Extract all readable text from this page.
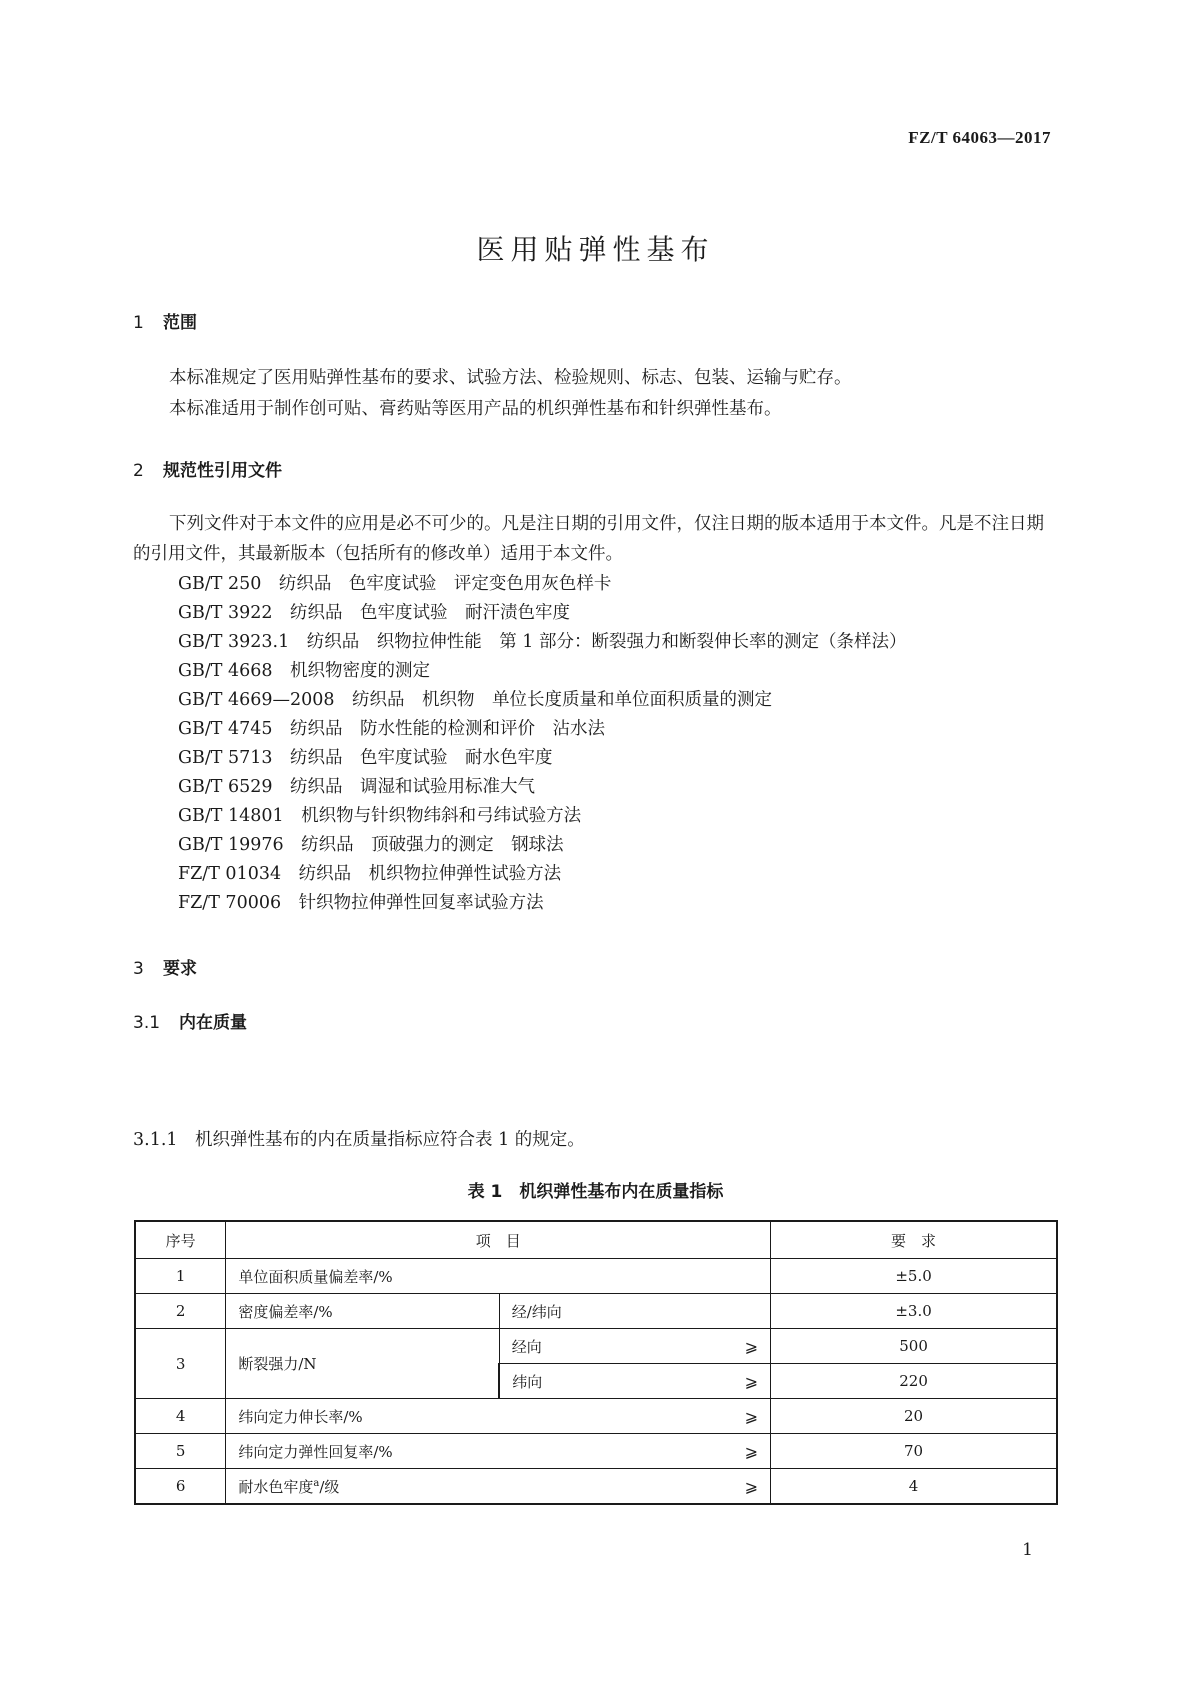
FZ/T 64063—2017
医用贴弹性基布
1 范围
本标准规定了医用贴弹性基布的要求、试验方法、检验规则、标志、包装、运输与贮存。
本标准适用于制作创可贴、膏药贴等医用产品的机织弹性基布和针织弹性基布。
2 规范性引用文件
下列文件对于本文件的应用是必不可少的。凡是注日期的引用文件，仅注日期的版本适用于本文件。凡是不注日期的引用文件，其最新版本（包括所有的修改单）适用于本文件。
GB/T 250　纺织品　色牢度试验　评定变色用灰色样卡
GB/T 3922　纺织品　色牢度试验　耐汗渍色牢度
GB/T 3923.1　纺织品　织物拉伸性能　第 1 部分：断裂强力和断裂伸长率的测定（条样法）
GB/T 4668　机织物密度的测定
GB/T 4669—2008　纺织品　机织物　单位长度质量和单位面积质量的测定
GB/T 4745　纺织品　防水性能的检测和评价　沾水法
GB/T 5713　纺织品　色牢度试验　耐水色牢度
GB/T 6529　纺织品　调湿和试验用标准大气
GB/T 14801　机织物与针织物纬斜和弓纬试验方法
GB/T 19976　纺织品　顶破强力的测定　钢球法
FZ/T 01034　纺织品　机织物拉伸弹性试验方法
FZ/T 70006　针织物拉伸弹性回复率试验方法
3 要求
3.1 内在质量
3.1.1　机织弹性基布的内在质量指标应符合表 1 的规定。
表 1　机织弹性基布内在质量指标
序号	项　目		要　求
1	单位面积质量偏差率/%		±5.0
2	密度偏差率/%	经/纬向	±3.0
3	断裂强力/N	经向 ⩾	500

		纬向 ⩾	220
4	纬向定力伸长率/% ⩾		20
5	纬向定力弹性回复率/% ⩾		70
6	耐水色牢度$^a$/级 ⩾		4
1
